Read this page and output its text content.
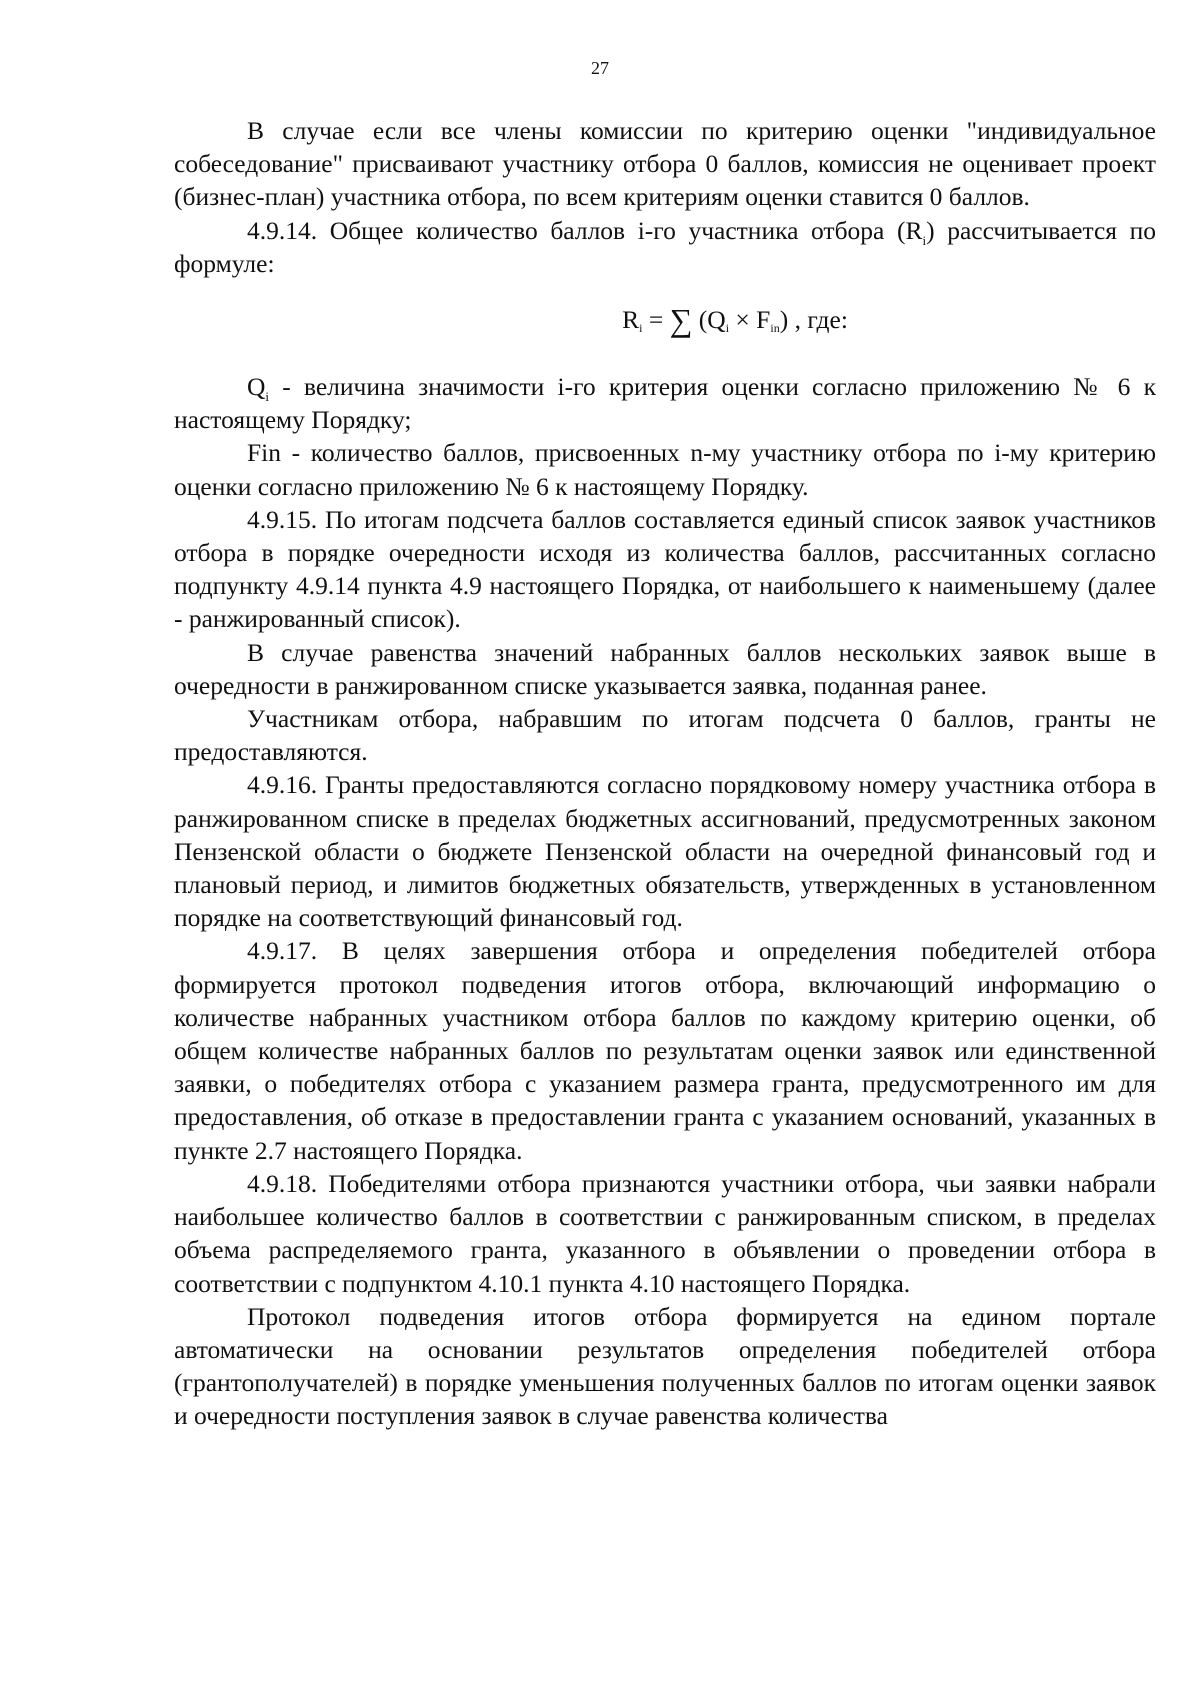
27

В случае если все члены комиссии по критерию оценки "индивидуальное собеседование" присваивают участнику отбора 0 баллов, комиссия не оценивает проект (бизнес-план) участника отбора, по всем критериям оценки ставится 0 баллов.

4.9.14. Общее количество баллов i-го участника отбора $(R_i)$ рассчитывается по формуле:

$R_i$ = ∑ $(Q_i \times F_{in})$ , где:

$Q_i$ - величина значимости i-го критерия оценки согласно приложению № 6 к настоящему Порядку;

Fin - количество баллов, присвоенных n-му участнику отбора по i-му критерию оценки согласно приложению № 6 к настоящему Порядку.

4.9.15. По итогам подсчета баллов составляется единый список заявок участников отбора в порядке очередности исходя из количества баллов, рассчитанных согласно подпункту 4.9.14 пункта 4.9 настоящего Порядка, от наибольшего к наименьшему (далее - ранжированный список).

В случае равенства значений набранных баллов нескольких заявок выше в очередности в ранжированном списке указывается заявка, поданная ранее.

Участникам отбора, набравшим по итогам подсчета 0 баллов, гранты не предоставляются.

4.9.16. Гранты предоставляются согласно порядковому номеру участника отбора в ранжированном списке в пределах бюджетных ассигнований, предусмотренных законом Пензенской области о бюджете Пензенской области на очередной финансовый год и плановый период, и лимитов бюджетных обязательств, утвержденных в установленном порядке на соответствующий финансовый год.

4.9.17. В целях завершения отбора и определения победителей отбора формируется протокол подведения итогов отбора, включающий информацию о количестве набранных участником отбора баллов по каждому критерию оценки, об общем количестве набранных баллов по результатам оценки заявок или единственной заявки, о победителях отбора с указанием размера гранта, предусмотренного им для предоставления, об отказе в предоставлении гранта с указанием оснований, указанных в пункте 2.7 настоящего Порядка.

4.9.18. Победителями отбора признаются участники отбора, чьи заявки набрали наибольшее количество баллов в соответствии с ранжированным списком, в пределах объема распределяемого гранта, указанного в объявлении о проведении отбора в соответствии с подпунктом 4.10.1 пункта 4.10 настоящего Порядка.

Протокол подведения итогов отбора формируется на едином портале автоматически на основании результатов определения победителей отбора (грантополучателей) в порядке уменьшения полученных баллов по итогам оценки заявок и очередности поступления заявок в случае равенства количества
